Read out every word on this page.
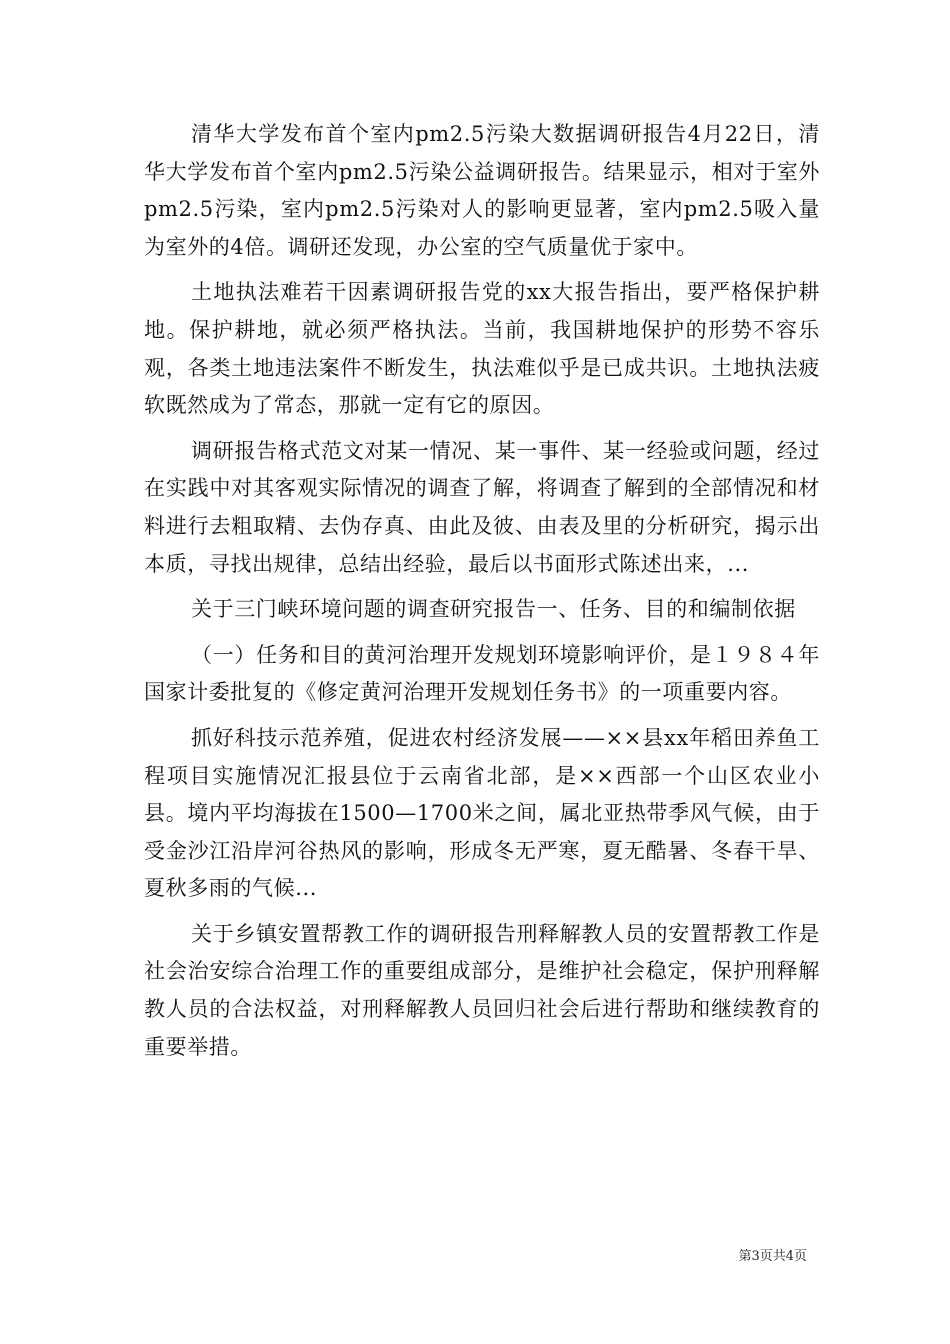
清华大学发布首个室内pm2.5污染大数据调研报告4月22日，清华大学发布首个室内pm2.5污染公益调研报告。结果显示，相对于室外pm2.5污染，室内pm2.5污染对人的影响更显著，室内pm2.5吸入量为室外的4倍。调研还发现，办公室的空气质量优于家中。

土地执法难若干因素调研报告党的xx大报告指出，要严格保护耕地。保护耕地，就必须严格执法。当前，我国耕地保护的形势不容乐观，各类土地违法案件不断发生，执法难似乎是已成共识。土地执法疲软既然成为了常态，那就一定有它的原因。

调研报告格式范文对某一情况、某一事件、某一经验或问题，经过在实践中对其客观实际情况的调查了解，将调查了解到的全部情况和材料进行去粗取精、去伪存真、由此及彼、由表及里的分析研究，揭示出本质，寻找出规律，总结出经验，最后以书面形式陈述出来，...

关于三门峡环境问题的调查研究报告一、任务、目的和编制依据

（一）任务和目的黄河治理开发规划环境影响评价，是１９８４年国家计委批复的《修定黄河治理开发规划任务书》的一项重要内容。

抓好科技示范养殖，促进农村经济发展——××县xx年稻田养鱼工程项目实施情况汇报县位于云南省北部，是××西部一个山区农业小县。境内平均海拔在1500—1700米之间，属北亚热带季风气候，由于受金沙江沿岸河谷热风的影响，形成冬无严寒，夏无酷暑、冬春干旱、夏秋多雨的气候...

关于乡镇安置帮教工作的调研报告刑释解教人员的安置帮教工作是社会治安综合治理工作的重要组成部分，是维护社会稳定，保护刑释解教人员的合法权益，对刑释解教人员回归社会后进行帮助和继续教育的重要举措。

第3页共4页
